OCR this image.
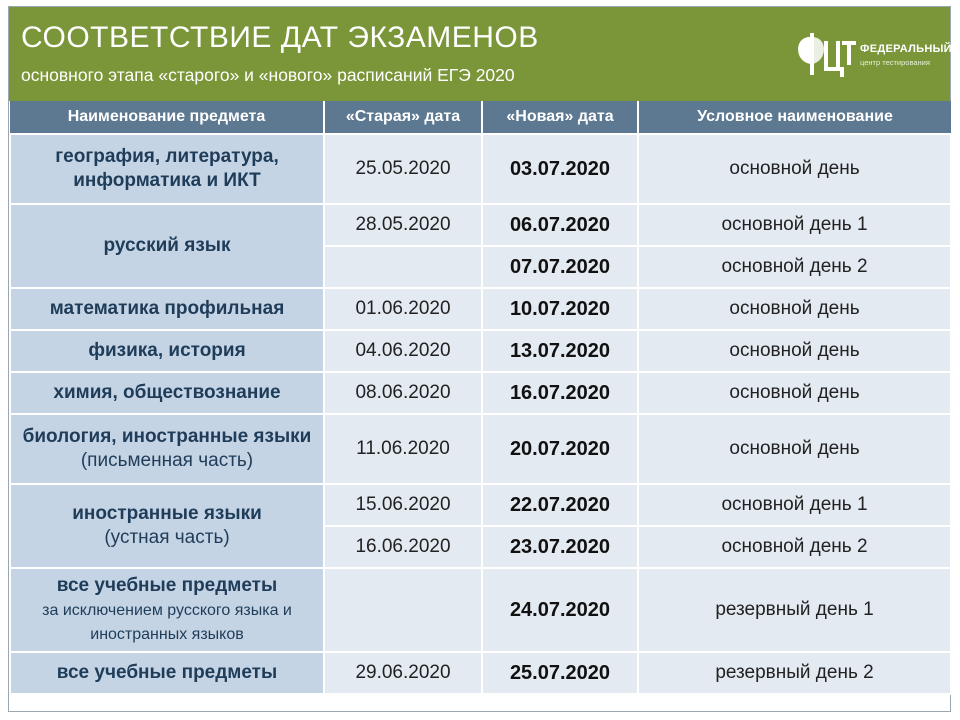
СООТВЕТСТВИЕ ДАТ ЭКЗАМЕНОВ
основного этапа «старого» и «нового» расписаний ЕГЭ 2020
ФЕДЕРАЛЬНЫЙ
центр тестирования
Наименование предмета	«Старая» дата	«Новая» дата	Условное наименование
география, литература, информатика и ИКТ	25.05.2020	03.07.2020	основной день
русский язык	28.05.2020	06.07.2020	основной день 1
		07.07.2020	основной день 2
математика профильная	01.06.2020	10.07.2020	основной день
физика, история	04.06.2020	13.07.2020	основной день
химия, обществознание	08.06.2020	16.07.2020	основной день
биология, иностранные языки (письменная часть)	11.06.2020	20.07.2020	основной день
иностранные языки
(устная часть)	15.06.2020	22.07.2020	основной день 1
	16.06.2020	23.07.2020	основной день 2
все учебные предметы
за исключением русского языка и иностранных языков		24.07.2020	резервный день 1
все учебные предметы	29.06.2020	25.07.2020	резервный день 2
